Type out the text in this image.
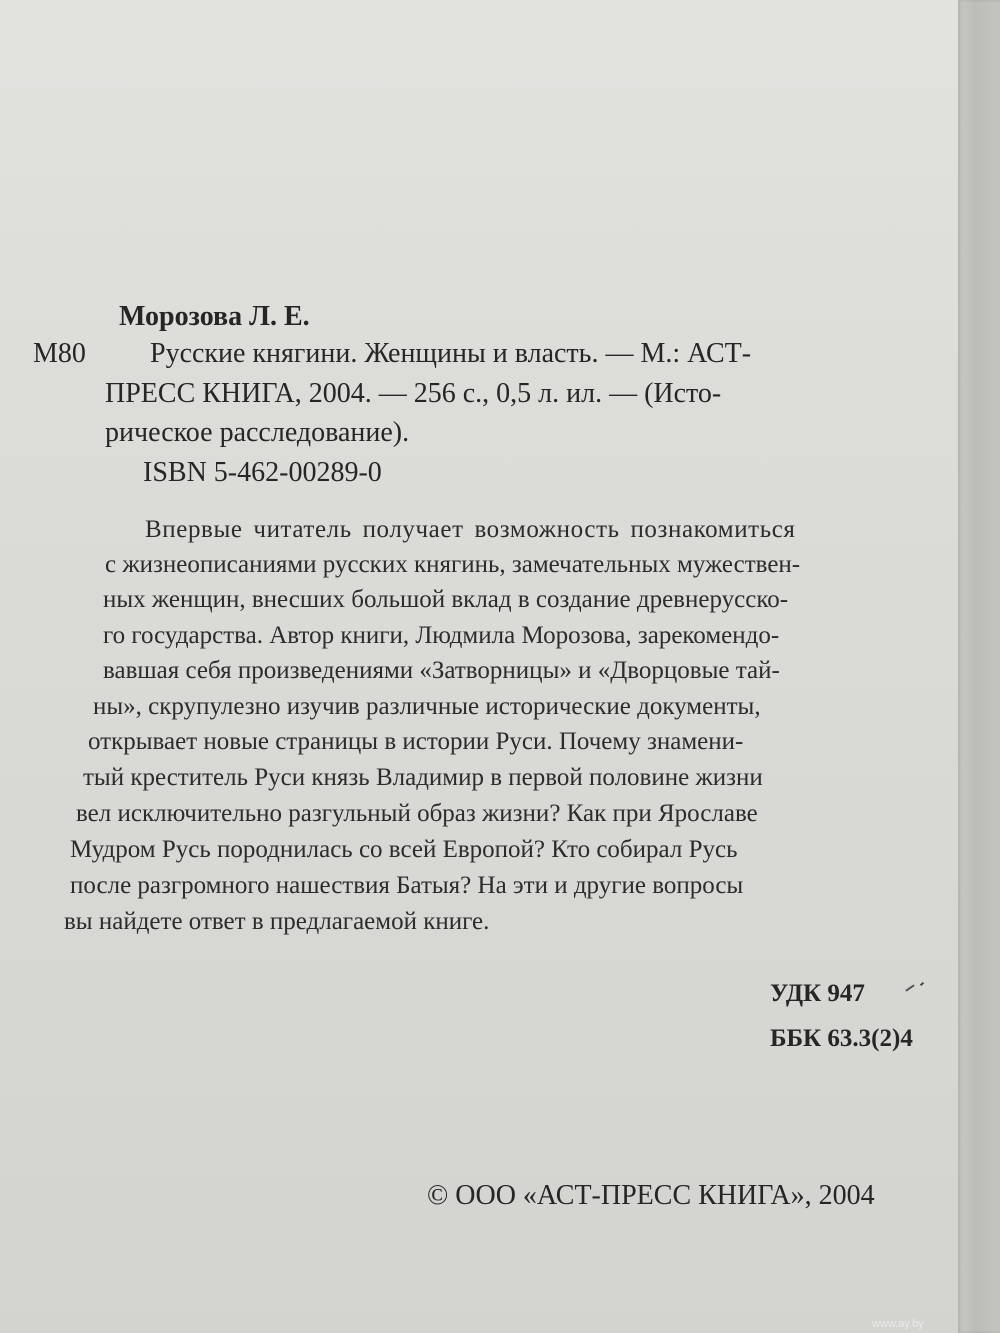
Морозова Л. Е.
М80 Русские княгини. Женщины и власть. — М.: АСТ-
ПРЕСС КНИГА, 2004. — 256 с., 0,5 л. ил. — (Исто-
рическое расследование).
ISBN 5-462-00289-0
Впервые читатель получает возможность познакомиться
с жизнеописаниями русских княгинь, замечательных мужествен-
ных женщин, внесших большой вклад в создание древнерусско-
го государства. Автор книги, Людмила Морозова, зарекомендо-
вавшая себя произведениями «Затворницы» и «Дворцовые тай-
ны», скрупулезно изучив различные исторические документы,
открывает новые страницы в истории Руси. Почему знамени-
тый креститель Руси князь Владимир в первой половине жизни
вел исключительно разгульный образ жизни? Как при Ярославе
Мудром Русь породнилась со всей Европой? Кто собирал Русь
после разгромного нашествия Батыя? На эти и другие вопросы
вы найдете ответ в предлагаемой книге.
УДК 947
ББК 63.3(2)4
© ООО «АСТ-ПРЕСС КНИГА», 2004
www.ay.by
